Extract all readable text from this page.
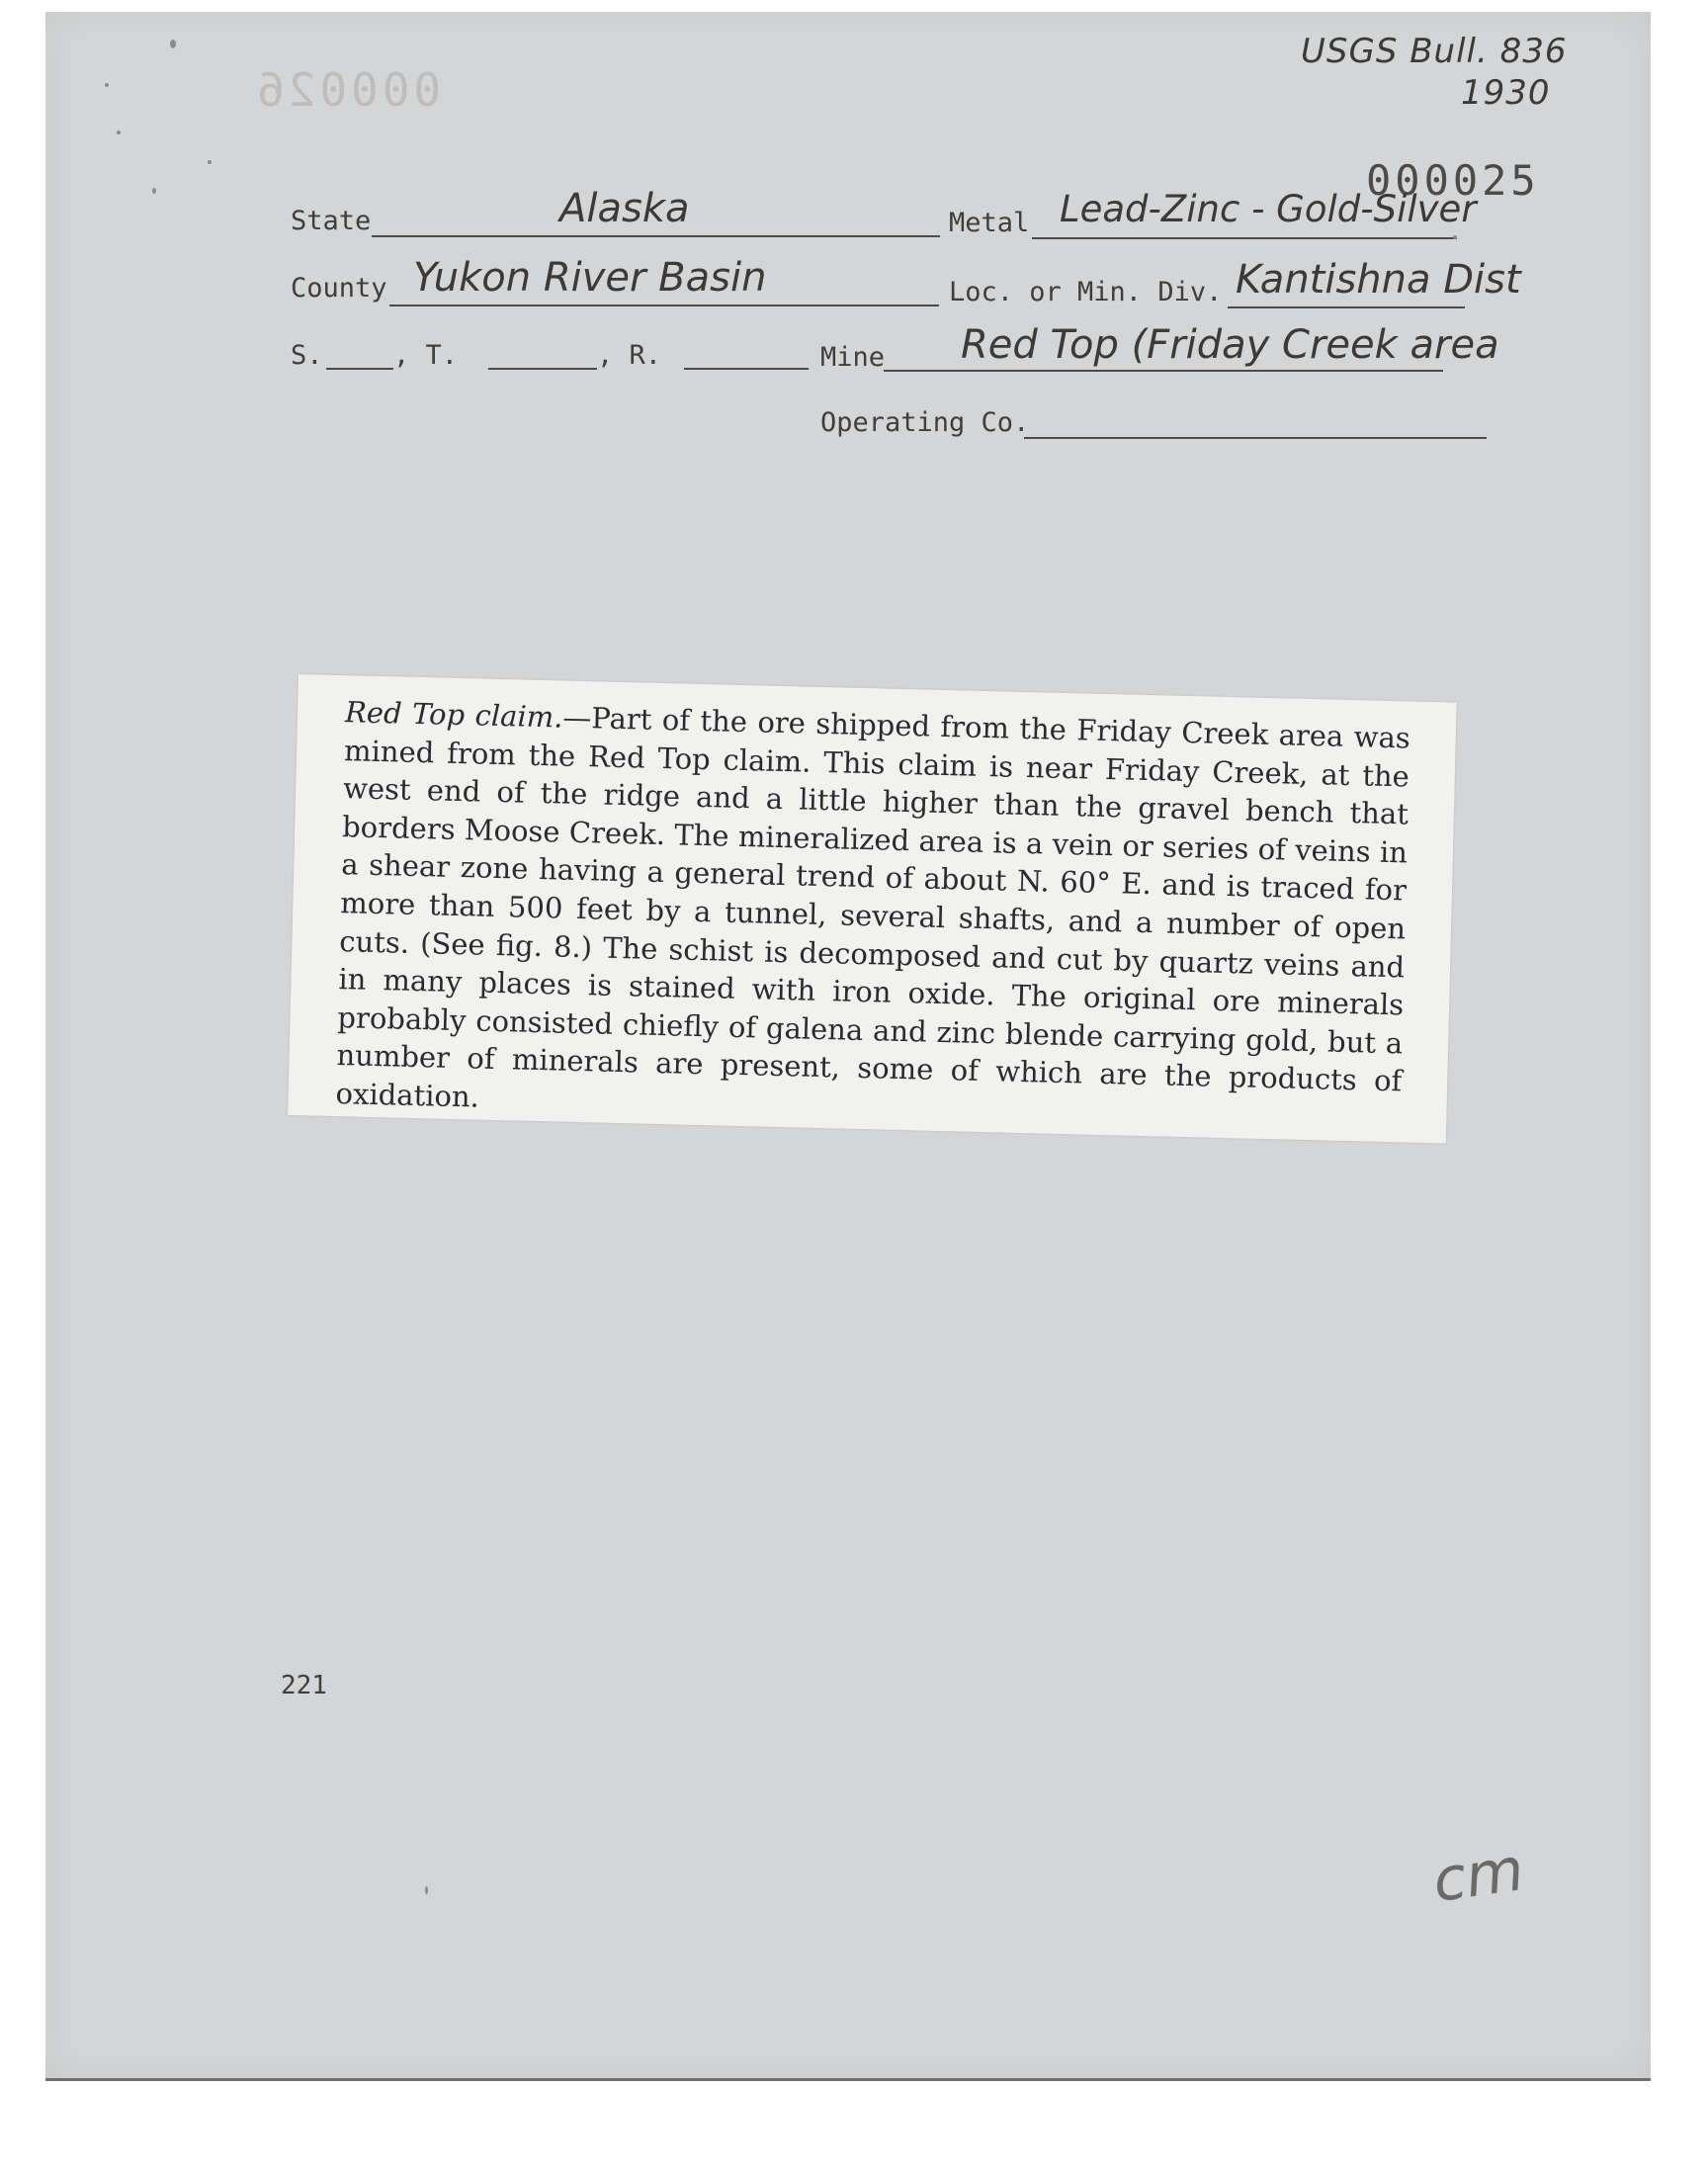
000026
USGS Bull. 836
1930
000025
State	Alaska	Metal Lead-Zinc - Gold-Silver
County Yukon River Basin	Loc. or Min. Div. Kantishna Dist
S.	, T.	, R.	Mine Red Top (Friday Creek area
Operating Co.
Red Top claim.—Part of the ore shipped from the Friday Creek area was mined from the Red Top claim. This claim is near Friday Creek, at the west end of the ridge and a little higher than the gravel bench that borders Moose Creek. The mineralized area is a vein or series of veins in a shear zone having a general trend of about N. 60° E. and is traced for more than 500 feet by a tunnel, several shafts, and a number of open cuts. (See fig. 8.) The schist is decomposed and cut by quartz veins and in many places is stained with iron oxide. The original ore minerals probably consisted chiefly of galena and zinc blende carrying gold, but a number of minerals are present, some of which are the products of oxidation.
221
cm
